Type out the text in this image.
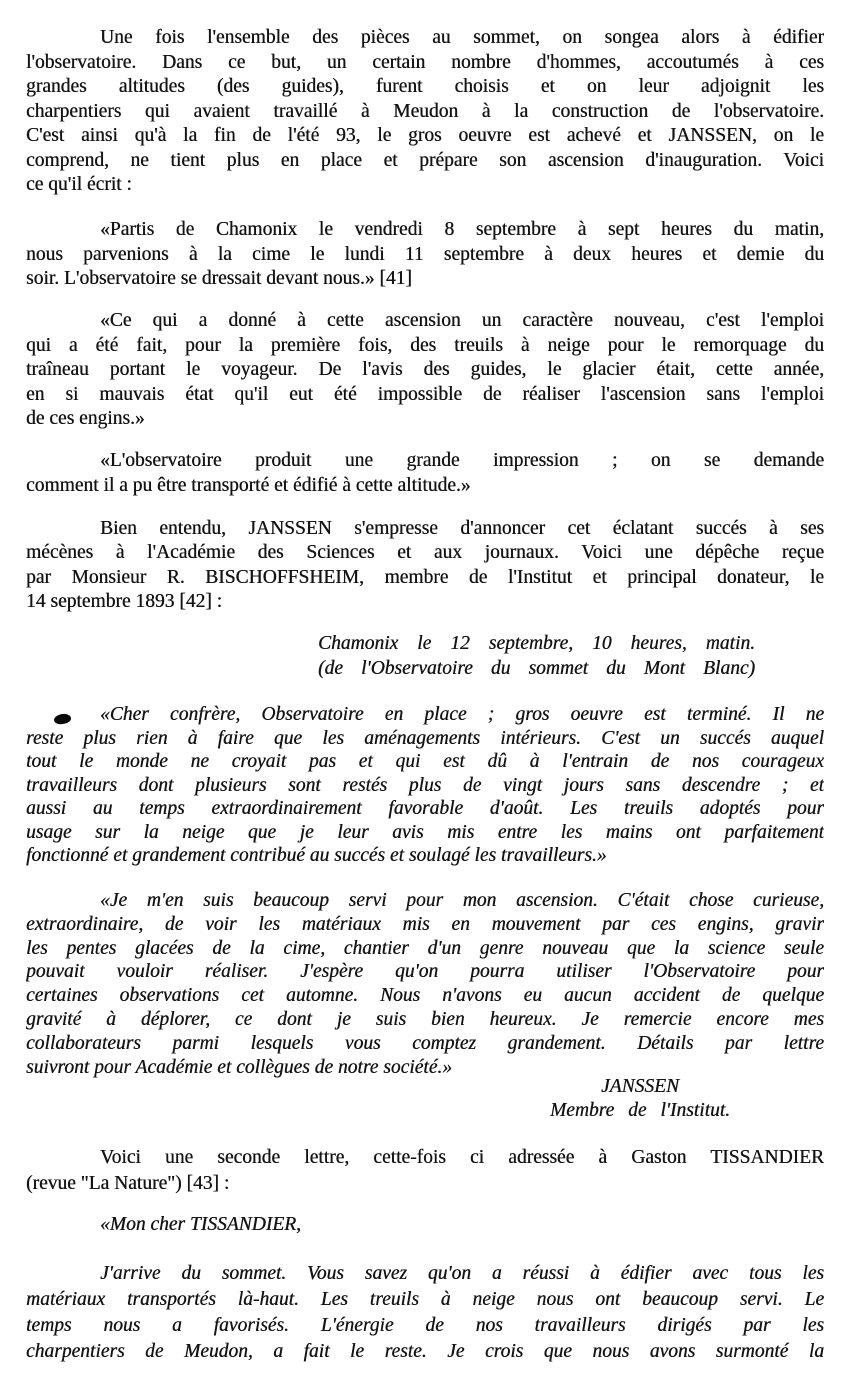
Une fois l'ensemble des pièces au sommet, on songea alors à édifier
l'observatoire. Dans ce but, un certain nombre d'hommes, accoutumés à ces
grandes altitudes (des guides), furent choisis et on leur adjoignit les
charpentiers qui avaient travaillé à Meudon à la construction de l'observatoire.
C'est ainsi qu'à la fin de l'été 93, le gros oeuvre est achevé et JANSSEN, on le
comprend, ne tient plus en place et prépare son ascension d'inauguration. Voici
ce qu'il écrit :
«Partis de Chamonix le vendredi 8 septembre à sept heures du matin,
nous parvenions à la cime le lundi 11 septembre à deux heures et demie du
soir. L'observatoire se dressait devant nous.» [41]
«Ce qui a donné à cette ascension un caractère nouveau, c'est l'emploi
qui a été fait, pour la première fois, des treuils à neige pour le remorquage du
traîneau portant le voyageur. De l'avis des guides, le glacier était, cette année,
en si mauvais état qu'il eut été impossible de réaliser l'ascension sans l'emploi
de ces engins.»
«L'observatoire produit une grande impression ; on se demande
comment il a pu être transporté et édifié à cette altitude.»
Bien entendu, JANSSEN s'empresse d'annoncer cet éclatant succés à ses
mécènes à l'Académie des Sciences et aux journaux. Voici une dépêche reçue
par Monsieur R. BISCHOFFSHEIM, membre de l'Institut et principal donateur, le
14 septembre 1893 [42] :
Chamonix le 12 septembre, 10 heures, matin.
(de l'Observatoire du sommet du Mont Blanc)
«Cher confrère, Observatoire en place ; gros oeuvre est terminé. Il ne
reste plus rien à faire que les aménagements intérieurs. C'est un succés auquel
tout le monde ne croyait pas et qui est dû à l'entrain de nos courageux
travailleurs dont plusieurs sont restés plus de vingt jours sans descendre ; et
aussi au temps extraordinairement favorable d'août. Les treuils adoptés pour
usage sur la neige que je leur avis mis entre les mains ont parfaitement
fonctionné et grandement contribué au succés et soulagé les travailleurs.»
«Je m'en suis beaucoup servi pour mon ascension. C'était chose curieuse,
extraordinaire, de voir les matériaux mis en mouvement par ces engins, gravir
les pentes glacées de la cime, chantier d'un genre nouveau que la science seule
pouvait vouloir réaliser. J'espère qu'on pourra utiliser l'Observatoire pour
certaines observations cet automne. Nous n'avons eu aucun accident de quelque
gravité à déplorer, ce dont je suis bien heureux. Je remercie encore mes
collaborateurs parmi lesquels vous comptez grandement. Détails par lettre
suivront pour Académie et collègues de notre société.»
JANSSEN
Membre de l'Institut.
Voici une seconde lettre, cette-fois ci adressée à Gaston TISSANDIER
(revue "La Nature") [43] :
«Mon cher TISSANDIER,
J'arrive du sommet. Vous savez qu'on a réussi à édifier avec tous les
matériaux transportés là-haut. Les treuils à neige nous ont beaucoup servi. Le
temps nous a favorisés. L'énergie de nos travailleurs dirigés par les
charpentiers de Meudon, a fait le reste. Je crois que nous avons surmonté la
